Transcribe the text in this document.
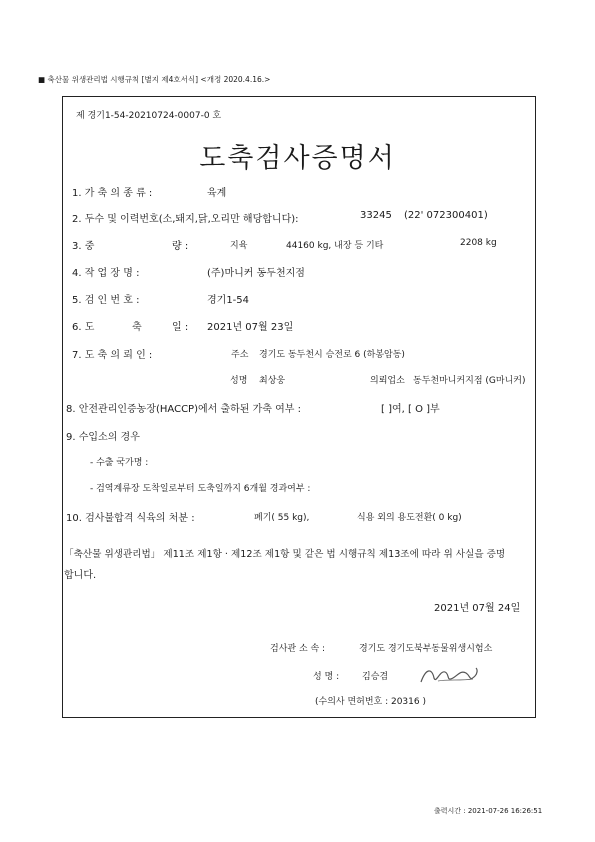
■ 축산물 위생관리법 시행규칙 [별지 제4호서식] <개정 2020.4.16.>
제 경기1-54-20210724-0007-0 호
도축검사증명서
1. 가 축 의 종 류 :	육계
2. 두수 및 이력번호(소,돼지,닭,오리만 해당합니다):	33245 (22' 072300401)
3. 중	량 :	지육	44160 kg, 내장 등 기타	2208 kg
4. 작 업 장 명 :	(주)마니커 동두천지점
5. 검 인 번 호 :	경기1-54
6. 도	축	일 : 2021년 07월 23일
7. 도 축 의 뢰 인 :	주소 경기도 동두천시 승전로 6 (하봉암동)
성명 최상웅	의뢰업소 동두천마니커지점 (G마니커)
8. 안전관리인증농장(HACCP)에서 출하된 가축 여부 :	[ ]여, [ O ]부
9. 수입소의 경우
- 수출 국가명 :
- 검역계류장 도착일로부터 도축일까지 6개월 경과여부 :
10. 검사불합격 식육의 처분 :	폐기( 55 kg),	식용 외의 용도전환( 0 kg)
「축산물 위생관리법」 제11조 제1항 · 제12조 제1항 및 같은 법 시행규칙 제13조에 따라 위 사실을 증명
합니다.
2021년 07월 24일
검사관 소 속 :	경기도 경기도북부동물위생시험소
성 명 :	김승겸
(수의사 면허번호 : 20316 )
출력시간 : 2021-07-26 16:26:51
